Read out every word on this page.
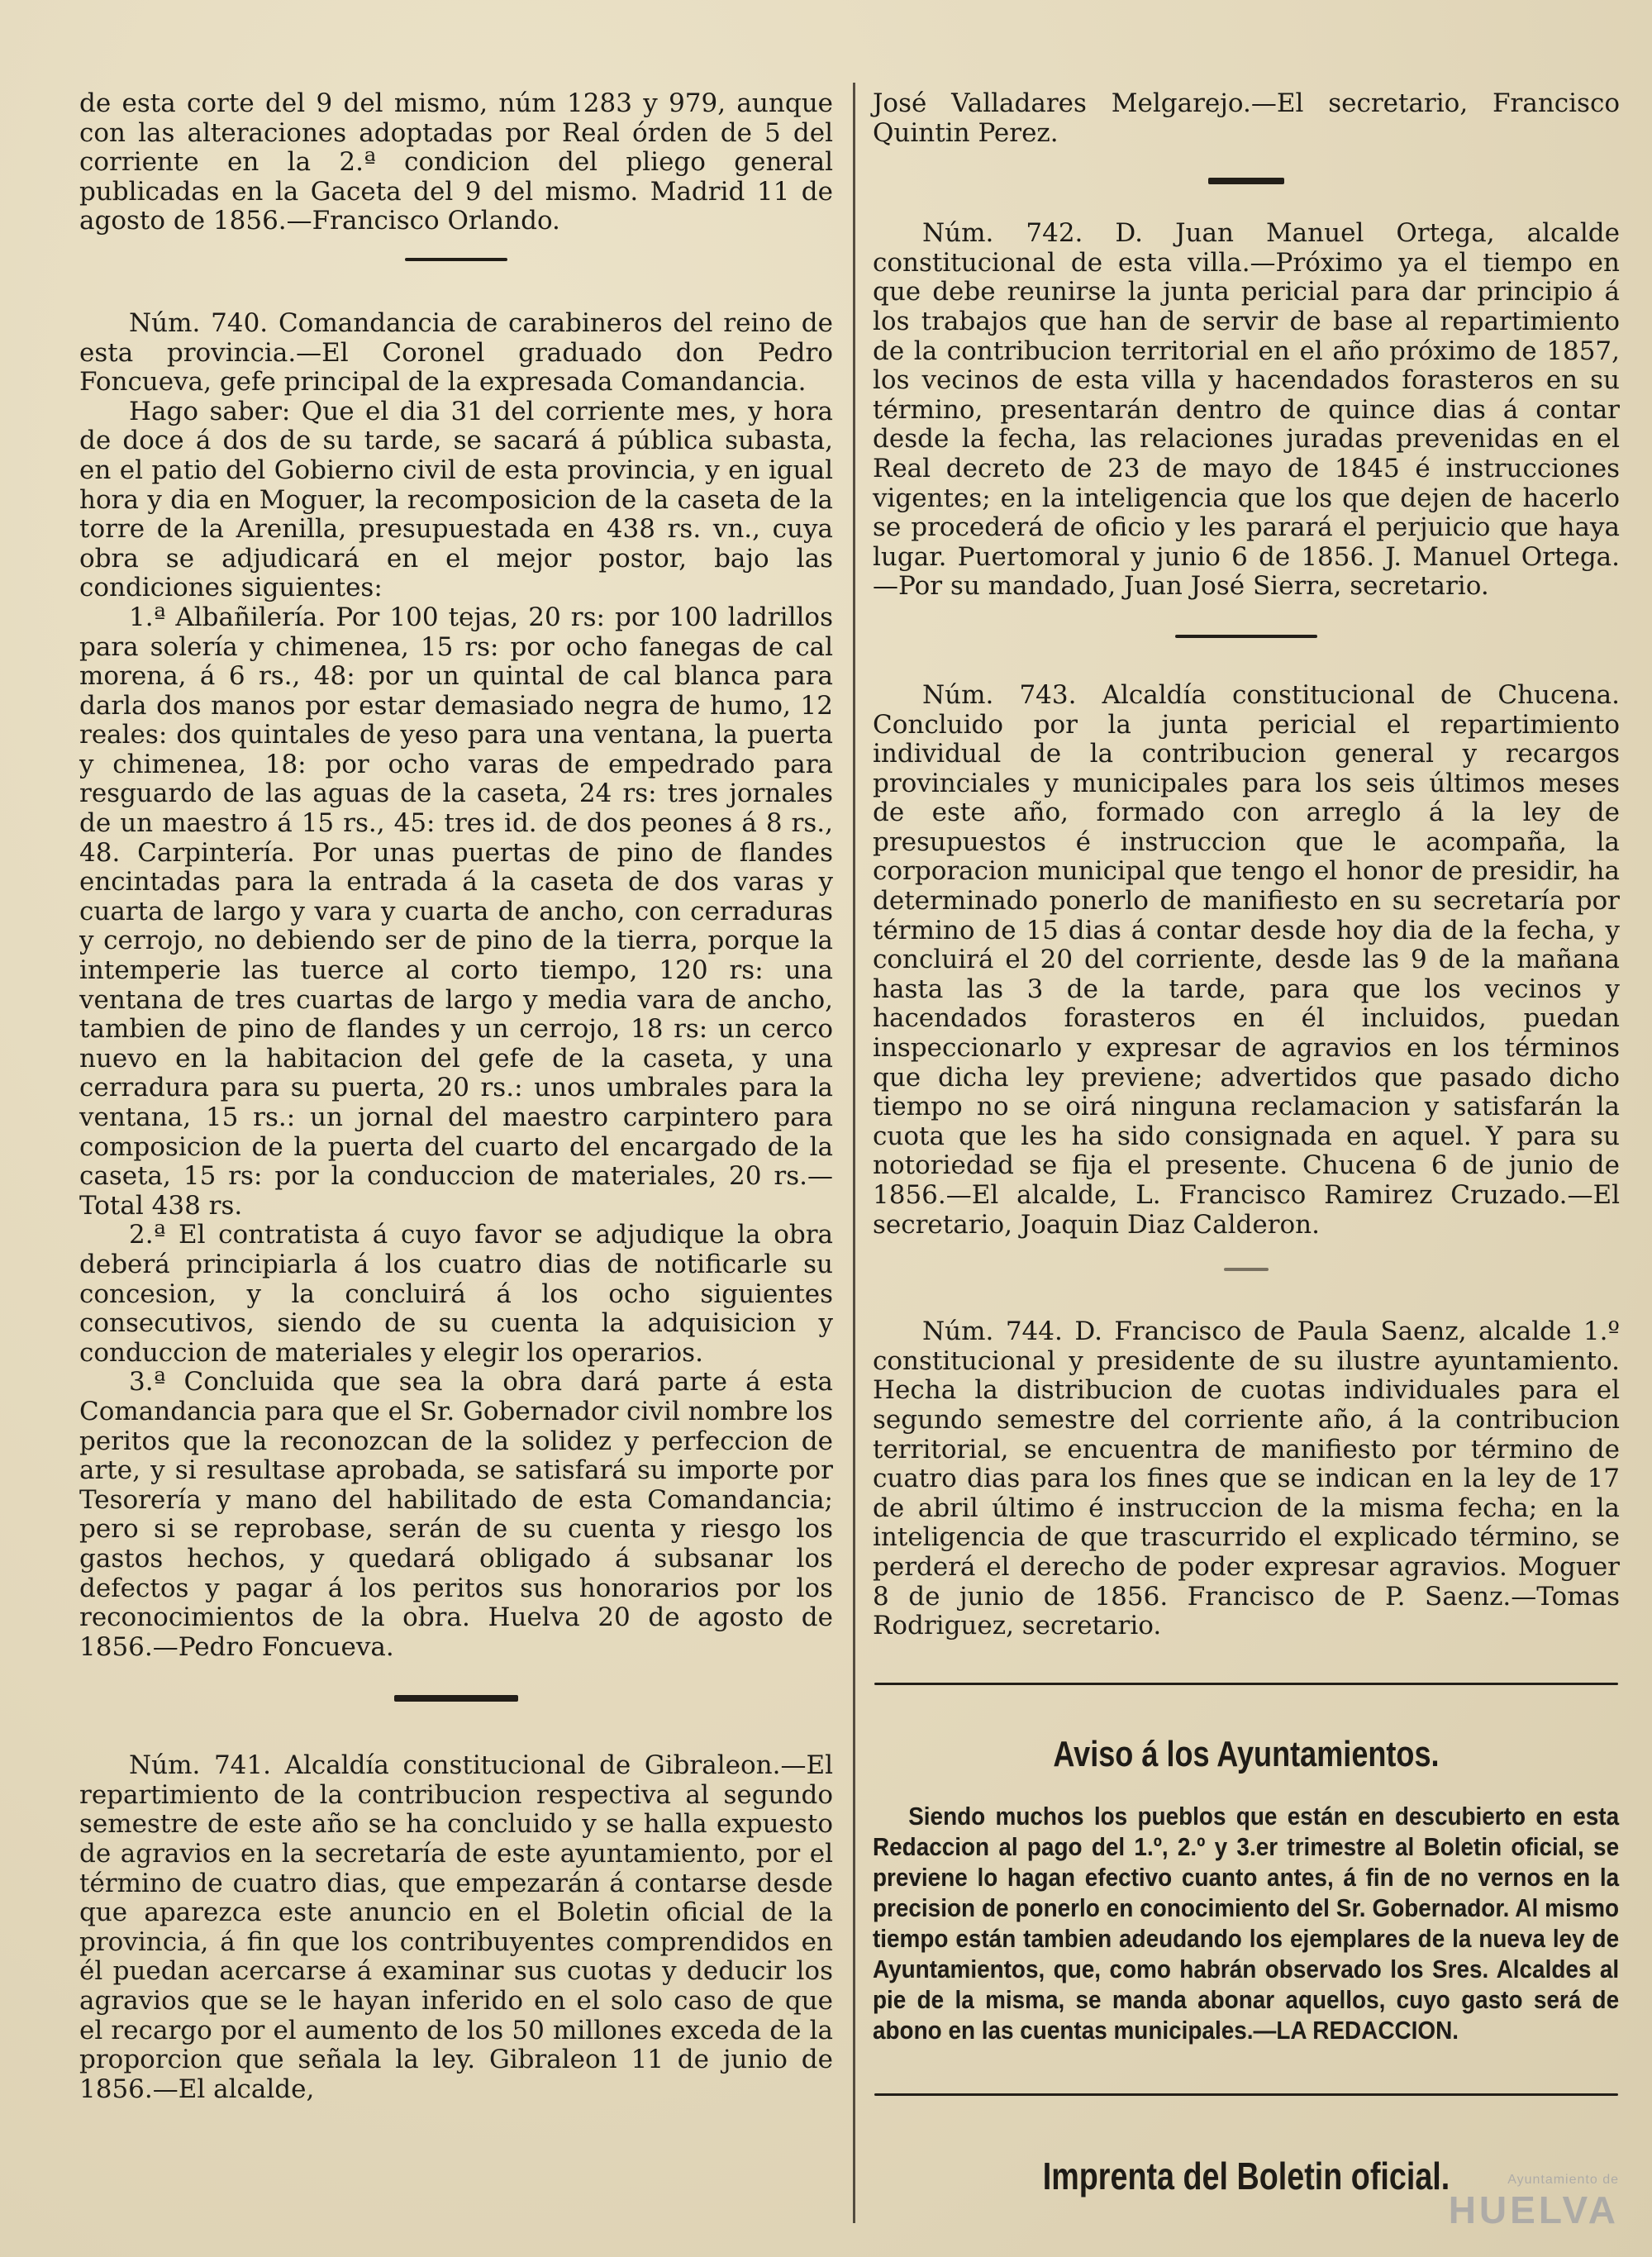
de esta corte del 9 del mismo, núm 1283 y 979, aunque con las alteraciones adoptadas por Real órden de 5 del corriente en la 2.ª condicion del pliego general publicadas en la Gaceta del 9 del mismo. Madrid 11 de agosto de 1856.—Francisco Orlando.

Núm. 740. Comandancia de carabineros del reino de esta provincia.—El Coronel graduado don Pedro Foncueva, gefe principal de la expresada Comandancia.

Hago saber: Que el dia 31 del corriente mes, y hora de doce á dos de su tarde, se sacará á pública subasta, en el patio del Gobierno civil de esta provincia, y en igual hora y dia en Moguer, la recomposicion de la caseta de la torre de la Arenilla, presupuestada en 438 rs. vn., cuya obra se adjudicará en el mejor postor, bajo las condiciones siguientes:

1.ª Albañilería. Por 100 tejas, 20 rs: por 100 ladrillos para solería y chimenea, 15 rs: por ocho fanegas de cal morena, á 6 rs., 48: por un quintal de cal blanca para darla dos manos por estar demasiado negra de humo, 12 reales: dos quintales de yeso para una ventana, la puerta y chimenea, 18: por ocho varas de empedrado para resguardo de las aguas de la caseta, 24 rs: tres jornales de un maestro á 15 rs., 45: tres id. de dos peones á 8 rs., 48. Carpintería. Por unas puertas de pino de flandes encintadas para la entrada á la caseta de dos varas y cuarta de largo y vara y cuarta de ancho, con cerraduras y cerrojo, no debiendo ser de pino de la tierra, porque la intemperie las tuerce al corto tiempo, 120 rs: una ventana de tres cuartas de largo y media vara de ancho, tambien de pino de flandes y un cerrojo, 18 rs: un cerco nuevo en la habitacion del gefe de la caseta, y una cerradura para su puerta, 20 rs.: unos umbrales para la ventana, 15 rs.: un jornal del maestro carpintero para composicion de la puerta del cuarto del encargado de la caseta, 15 rs: por la conduccion de materiales, 20 rs.—Total 438 rs.

2.ª El contratista á cuyo favor se adjudique la obra deberá principiarla á los cuatro dias de notificarle su concesion, y la concluirá á los ocho siguientes consecutivos, siendo de su cuenta la adquisicion y conduccion de materiales y elegir los operarios.

3.ª Concluida que sea la obra dará parte á esta Comandancia para que el Sr. Gobernador civil nombre los peritos que la reconozcan de la solidez y perfeccion de arte, y si resultase aprobada, se satisfará su importe por Tesorería y mano del habilitado de esta Comandancia; pero si se reprobase, serán de su cuenta y riesgo los gastos hechos, y quedará obligado á subsanar los defectos y pagar á los peritos sus honorarios por los reconocimientos de la obra. Huelva 20 de agosto de 1856.—Pedro Foncueva.

Núm. 741. Alcaldía constitucional de Gibraleon.—El repartimiento de la contribucion respectiva al segundo semestre de este año se ha concluido y se halla expuesto de agravios en la secretaría de este ayuntamiento, por el término de cuatro dias, que empezarán á contarse desde que aparezca este anuncio en el Boletin oficial de la provincia, á fin que los contribuyentes comprendidos en él puedan acercarse á examinar sus cuotas y deducir los agravios que se le hayan inferido en el solo caso de que el recargo por el aumento de los 50 millones exceda de la proporcion que señala la ley. Gibraleon 11 de junio de 1856.—El alcalde,

José Valladares Melgarejo.—El secretario, Francisco Quintin Perez.

Núm. 742. D. Juan Manuel Ortega, alcalde constitucional de esta villa.—Próximo ya el tiempo en que debe reunirse la junta pericial para dar principio á los trabajos que han de servir de base al repartimiento de la contribucion territorial en el año próximo de 1857, los vecinos de esta villa y hacendados forasteros en su término, presentarán dentro de quince dias á contar desde la fecha, las relaciones juradas prevenidas en el Real decreto de 23 de mayo de 1845 é instrucciones vigentes; en la inteligencia que los que dejen de hacerlo se procederá de oficio y les parará el perjuicio que haya lugar. Puertomoral y junio 6 de 1856. J. Manuel Ortega.—Por su mandado, Juan José Sierra, secretario.

Núm. 743. Alcaldía constitucional de Chucena. Concluido por la junta pericial el repartimiento individual de la contribucion general y recargos provinciales y municipales para los seis últimos meses de este año, formado con arreglo á la ley de presupuestos é instruccion que le acompaña, la corporacion municipal que tengo el honor de presidir, ha determinado ponerlo de manifiesto en su secretaría por término de 15 dias á contar desde hoy dia de la fecha, y concluirá el 20 del corriente, desde las 9 de la mañana hasta las 3 de la tarde, para que los vecinos y hacendados forasteros en él incluidos, puedan inspeccionarlo y expresar de agravios en los términos que dicha ley previene; advertidos que pasado dicho tiempo no se oirá ninguna reclamacion y satisfarán la cuota que les ha sido consignada en aquel. Y para su notoriedad se fija el presente. Chucena 6 de junio de 1856.—El alcalde, L. Francisco Ramirez Cruzado.—El secretario, Joaquin Diaz Calderon.

Núm. 744. D. Francisco de Paula Saenz, alcalde 1.º constitucional y presidente de su ilustre ayuntamiento. Hecha la distribucion de cuotas individuales para el segundo semestre del corriente año, á la contribucion territorial, se encuentra de manifiesto por término de cuatro dias para los fines que se indican en la ley de 17 de abril último é instruccion de la misma fecha; en la inteligencia de que trascurrido el explicado término, se perderá el derecho de poder expresar agravios. Moguer 8 de junio de 1856. Francisco de P. Saenz.—Tomas Rodriguez, secretario.

Aviso á los Ayuntamientos.

Siendo muchos los pueblos que están en descubierto en esta Redaccion al pago del 1.º, 2.º y 3.er trimestre al Boletin oficial, se previene lo hagan efectivo cuanto antes, á fin de no vernos en la precision de ponerlo en conocimiento del Sr. Gobernador. Al mismo tiempo están tambien adeudando los ejemplares de la nueva ley de Ayuntamientos, que, como habrán observado los Sres. Alcaldes al pie de la misma, se manda abonar aquellos, cuyo gasto será de abono en las cuentas municipales.—LA REDACCION.

Imprenta del Boletin oficial.	Ayuntamiento de
HUELVA
